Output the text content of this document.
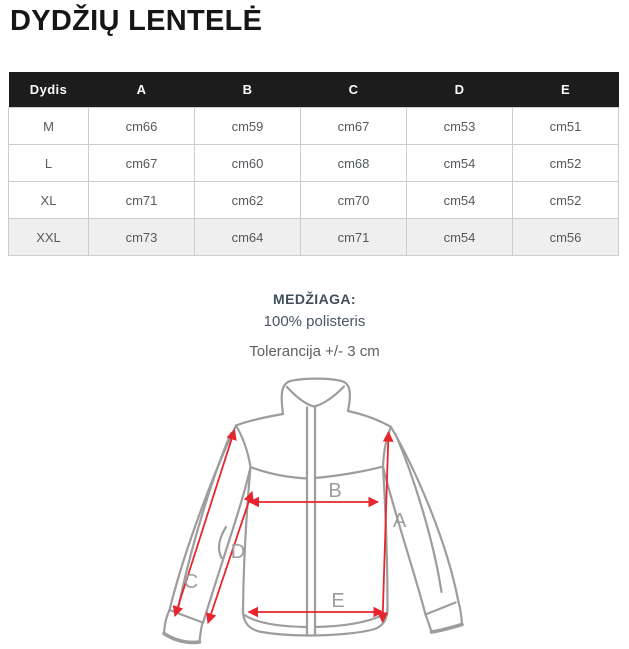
DYDŽIŲ LENTELĖ
Dydis	A	B	C	D	E
M	cm66	cm59	cm67	cm53	cm51
L	cm67	cm60	cm68	cm54	cm52
XL	cm71	cm62	cm70	cm54	cm52
XXL	cm73	cm64	cm71	cm54	cm56
MEDŽIAGA:
100% polisteris
Tolerancija +/- 3 cm
A
B
C
D
E
